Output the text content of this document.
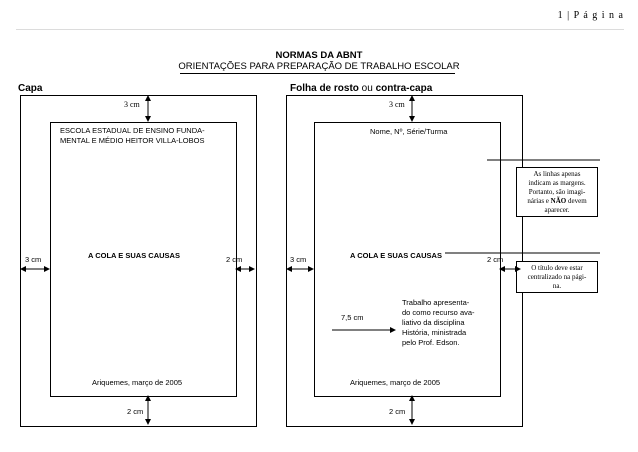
1 | P á g i n a
NORMAS DA ABNT
ORIENTAÇÕES PARA PREPARAÇÃO DE TRABALHO ESCOLAR
Capa	Folha de rosto ou contra-capa
3 cm
3 cm	2 cm
2 cm
ESCOLA ESTADUAL DE ENSINO FUNDA-
MENTAL E MÉDIO HEITOR VILLA-LOBOS
A COLA E SUAS CAUSAS
Ariquemes, março de 2005
3 cm
3 cm	2 cm
2 cm
Nome, Nº, Série/Turma
A COLA E SUAS CAUSAS
7,5 cm
Trabalho apresenta-
do como recurso ava-
liativo da disciplina
História, ministrada
pelo Prof. Edson.
Ariquemes, março de 2005
As linhas apenas
indicam as margens.
Portanto, são imagi-
nárias e NÃO devem
aparecer.
O título deve estar
centralizado na pági-
na.
